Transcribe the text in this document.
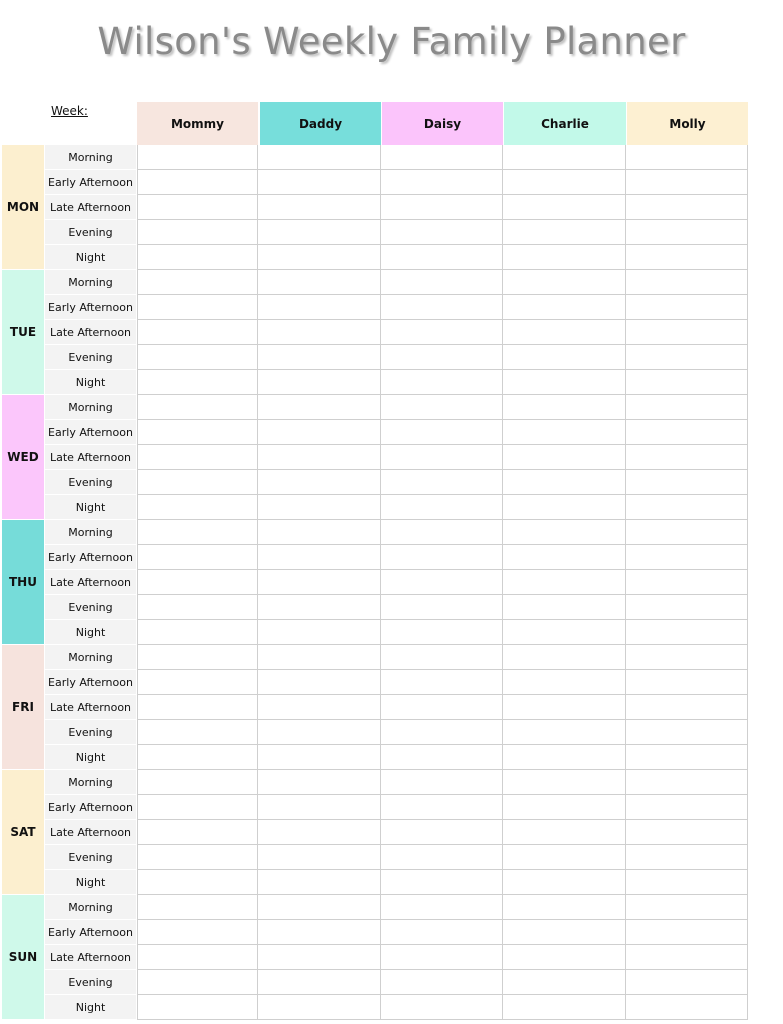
Wilson's Weekly Family Planner
Week:
Mommy	Daddy	Daisy	Charlie	Molly
MON
Morning
Early Afternoon
Late Afternoon
Evening
Night
TUE
Morning
Early Afternoon
Late Afternoon
Evening
Night
WED
Morning
Early Afternoon
Late Afternoon
Evening
Night
THU
Morning
Early Afternoon
Late Afternoon
Evening
Night
FRI
Morning
Early Afternoon
Late Afternoon
Evening
Night
SAT
Morning
Early Afternoon
Late Afternoon
Evening
Night
SUN
Morning
Early Afternoon
Late Afternoon
Evening
Night
